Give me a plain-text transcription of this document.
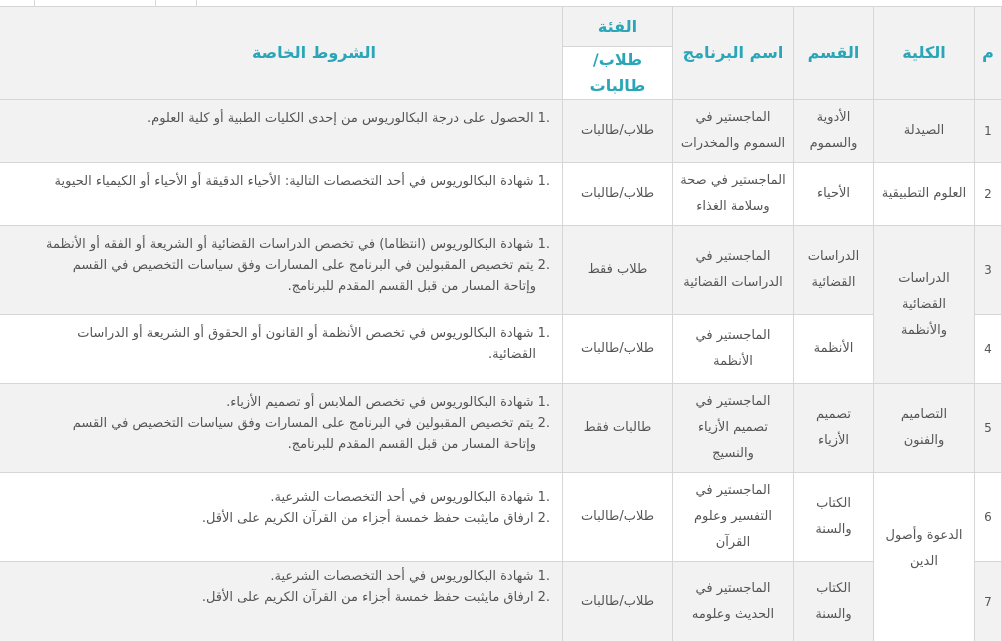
م	الكلية	القسم	اسم البرنامج	الفئة	الشروط الخاصة
				طلاب/طالبات	
1	الصيدلة	الأدوية والسموم	الماجستير في السموم والمخدرات	طلاب/طالبات	.1الحصول على درجة البكالوريوس من إحدى الكليات الطبية أو كلية العلوم.

2	العلوم التطبيقية	الأحياء	الماجستير في صحة وسلامة الغذاء	طلاب/طالبات	.1شهادة البكالوريوس في أحد التخصصات التالية: الأحياء الدقيقة أو الأحياء أو الكيمياء الحيوية

3	الدراسات القضائية والأنظمة	الدراسات القضائية	الماجستير في الدراسات القضائية	طلاب فقط	.1شهادة البكالوريوس (انتظاما) في تخصص الدراسات القضائية أو الشريعة أو الفقه أو الأنظمة
.2يتم تخصيص المقبولين في البرنامج على المسارات وفق سياسات التخصيص في القسم
وإتاحة المسار من قبل القسم المقدم للبرنامج.

4		الأنظمة	الماجستير في الأنظمة	طلاب/طالبات	.1شهادة البكالوريوس في تخصص الأنظمة أو القانون أو الحقوق أو الشريعة أو الدراسات
القضائية.

5	التصاميم والفنون	تصميم الأزياء	الماجستير في تصميم الأزياء والنسيج	طالبات فقط	.1شهادة البكالوريوس في تخصص الملابس أو تصميم الأزياء.
.2يتم تخصيص المقبولين في البرنامج على المسارات وفق سياسات التخصيص في القسم
وإتاحة المسار من قبل القسم المقدم للبرنامج.

6	الدعوة وأصول الدين	الكتاب والسنة	الماجستير في التفسير وعلوم القرآن	طلاب/طالبات	.1شهادة البكالوريوس في أحد التخصصات الشرعية.
.2ارفاق مايثبت حفظ خمسة أجزاء من القرآن الكريم على الأقل.

7		الكتاب والسنة	الماجستير في الحديث وعلومه	طلاب/طالبات	.1شهادة البكالوريوس في أحد التخصصات الشرعية.
.2ارفاق مايثبت حفظ خمسة أجزاء من القرآن الكريم على الأقل.
